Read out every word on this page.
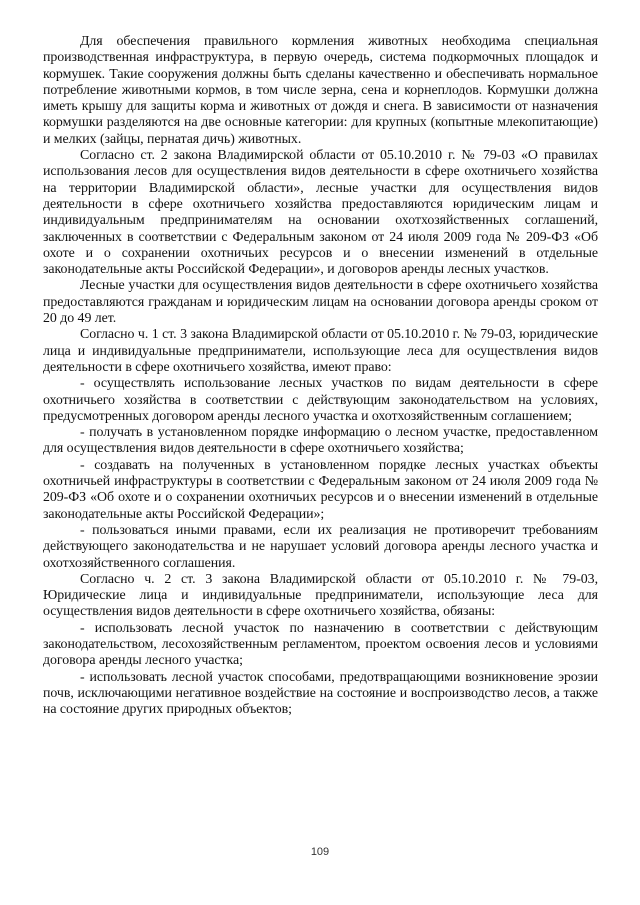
Для обеспечения правильного кормления животных необходима специальная производственная инфраструктура, в первую очередь, система подкормочных площадок и кормушек. Такие сооружения должны быть сделаны качественно и обеспечивать нормальное потребление животными кормов, в том числе зерна, сена и корнеплодов. Кормушки должна иметь крышу для защиты корма и животных от дождя и снега. В зависимости от назначения кормушки разделяются на две основные категории: для крупных (копытные млекопитающие) и мелких (зайцы, пернатая дичь) животных.

Согласно ст. 2 закона Владимирской области от 05.10.2010 г. № 79-03 «О правилах использования лесов для осуществления видов деятельности в сфере охотничьего хозяйства на территории Владимирской области», лесные участки для осуществления видов деятельности в сфере охотничьего хозяйства предоставляются юридическим лицам и индивидуальным предпринимателям на основании охотхозяйственных соглашений, заключенных в соответствии с Федеральным законом от 24 июля 2009 года № 209-ФЗ «Об охоте и о сохранении охотничьих ресурсов и о внесении изменений в отдельные законодательные акты Российской Федерации», и договоров аренды лесных участков.

Лесные участки для осуществления видов деятельности в сфере охотничьего хозяйства предоставляются гражданам и юридическим лицам на основании договора аренды сроком от 20 до 49 лет.

Согласно ч. 1 ст. 3 закона Владимирской области от 05.10.2010 г. № 79-03, юридические лица и индивидуальные предприниматели, использующие леса для осуществления видов деятельности в сфере охотничьего хозяйства, имеют право:

- осуществлять использование лесных участков по видам деятельности в сфере охотничьего хозяйства в соответствии с действующим законодательством на условиях, предусмотренных договором аренды лесного участка и охотхозяйственным соглашением;

- получать в установленном порядке информацию о лесном участке, предоставленном для осуществления видов деятельности в сфере охотничьего хозяйства;

- создавать на полученных в установленном порядке лесных участках объекты охотничьей инфраструктуры в соответствии с Федеральным законом от 24 июля 2009 года № 209-ФЗ «Об охоте и о сохранении охотничьих ресурсов и о внесении изменений в отдельные законодательные акты Российской Федерации»;

- пользоваться иными правами, если их реализация не противоречит требованиям действующего законодательства и не нарушает условий договора аренды лесного участка и охотхозяйственного соглашения.

Согласно ч. 2 ст. 3 закона Владимирской области от 05.10.2010 г. № 79-03, Юридические лица и индивидуальные предприниматели, использующие леса для осуществления видов деятельности в сфере охотничьего хозяйства, обязаны:

- использовать лесной участок по назначению в соответствии с действующим законодательством, лесохозяйственным регламентом, проектом освоения лесов и условиями договора аренды лесного участка;

- использовать лесной участок способами, предотвращающими возникновение эрозии почв, исключающими негативное воздействие на состояние и воспроизводство лесов, а также на состояние других природных объектов;

109
